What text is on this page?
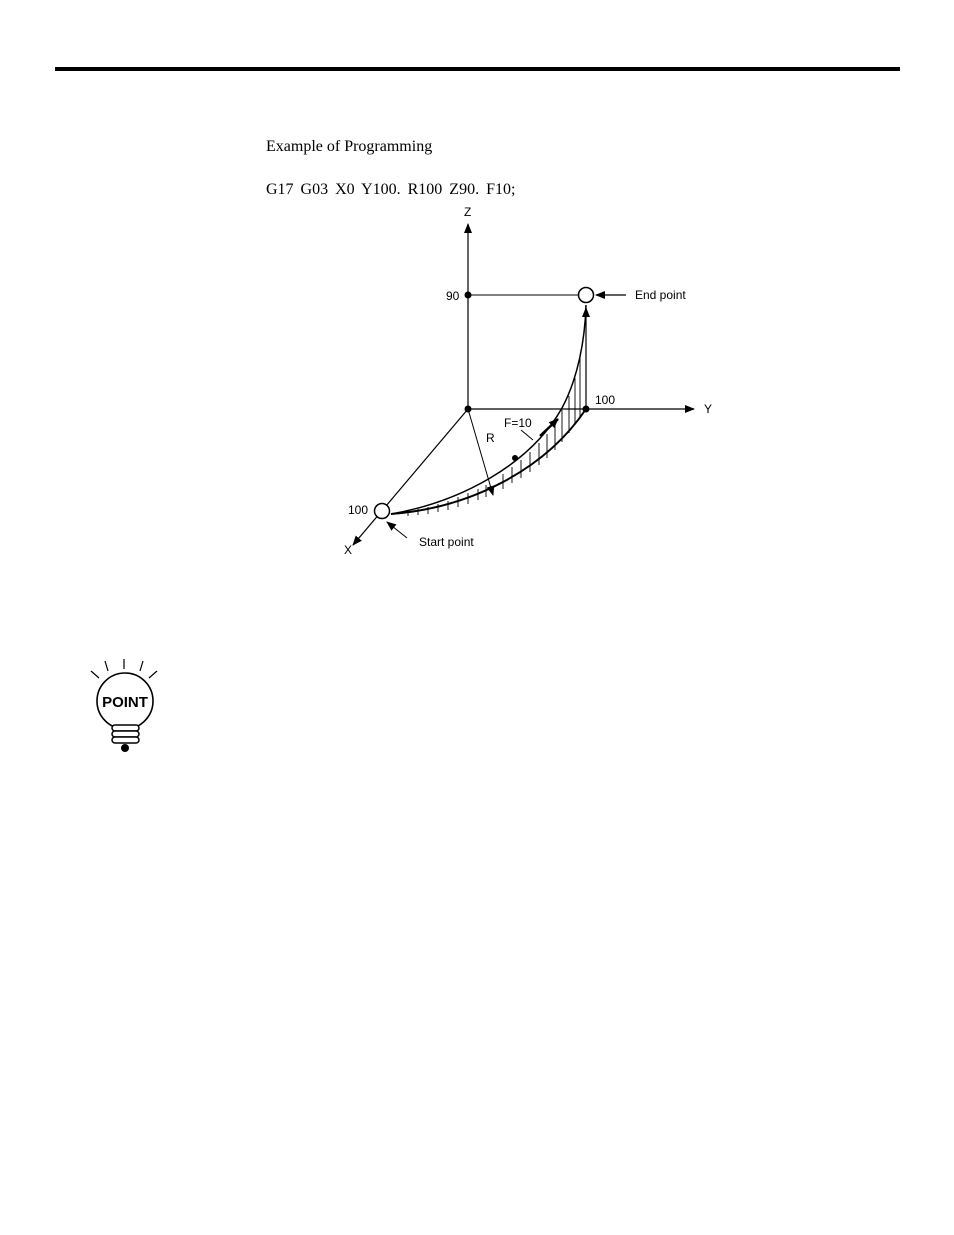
Example of Programming
G17 G03 X0 Y100. R100 Z90. F10;
Z
Y
X
90
100
100
End point
Start point
F=10
R
POINT
